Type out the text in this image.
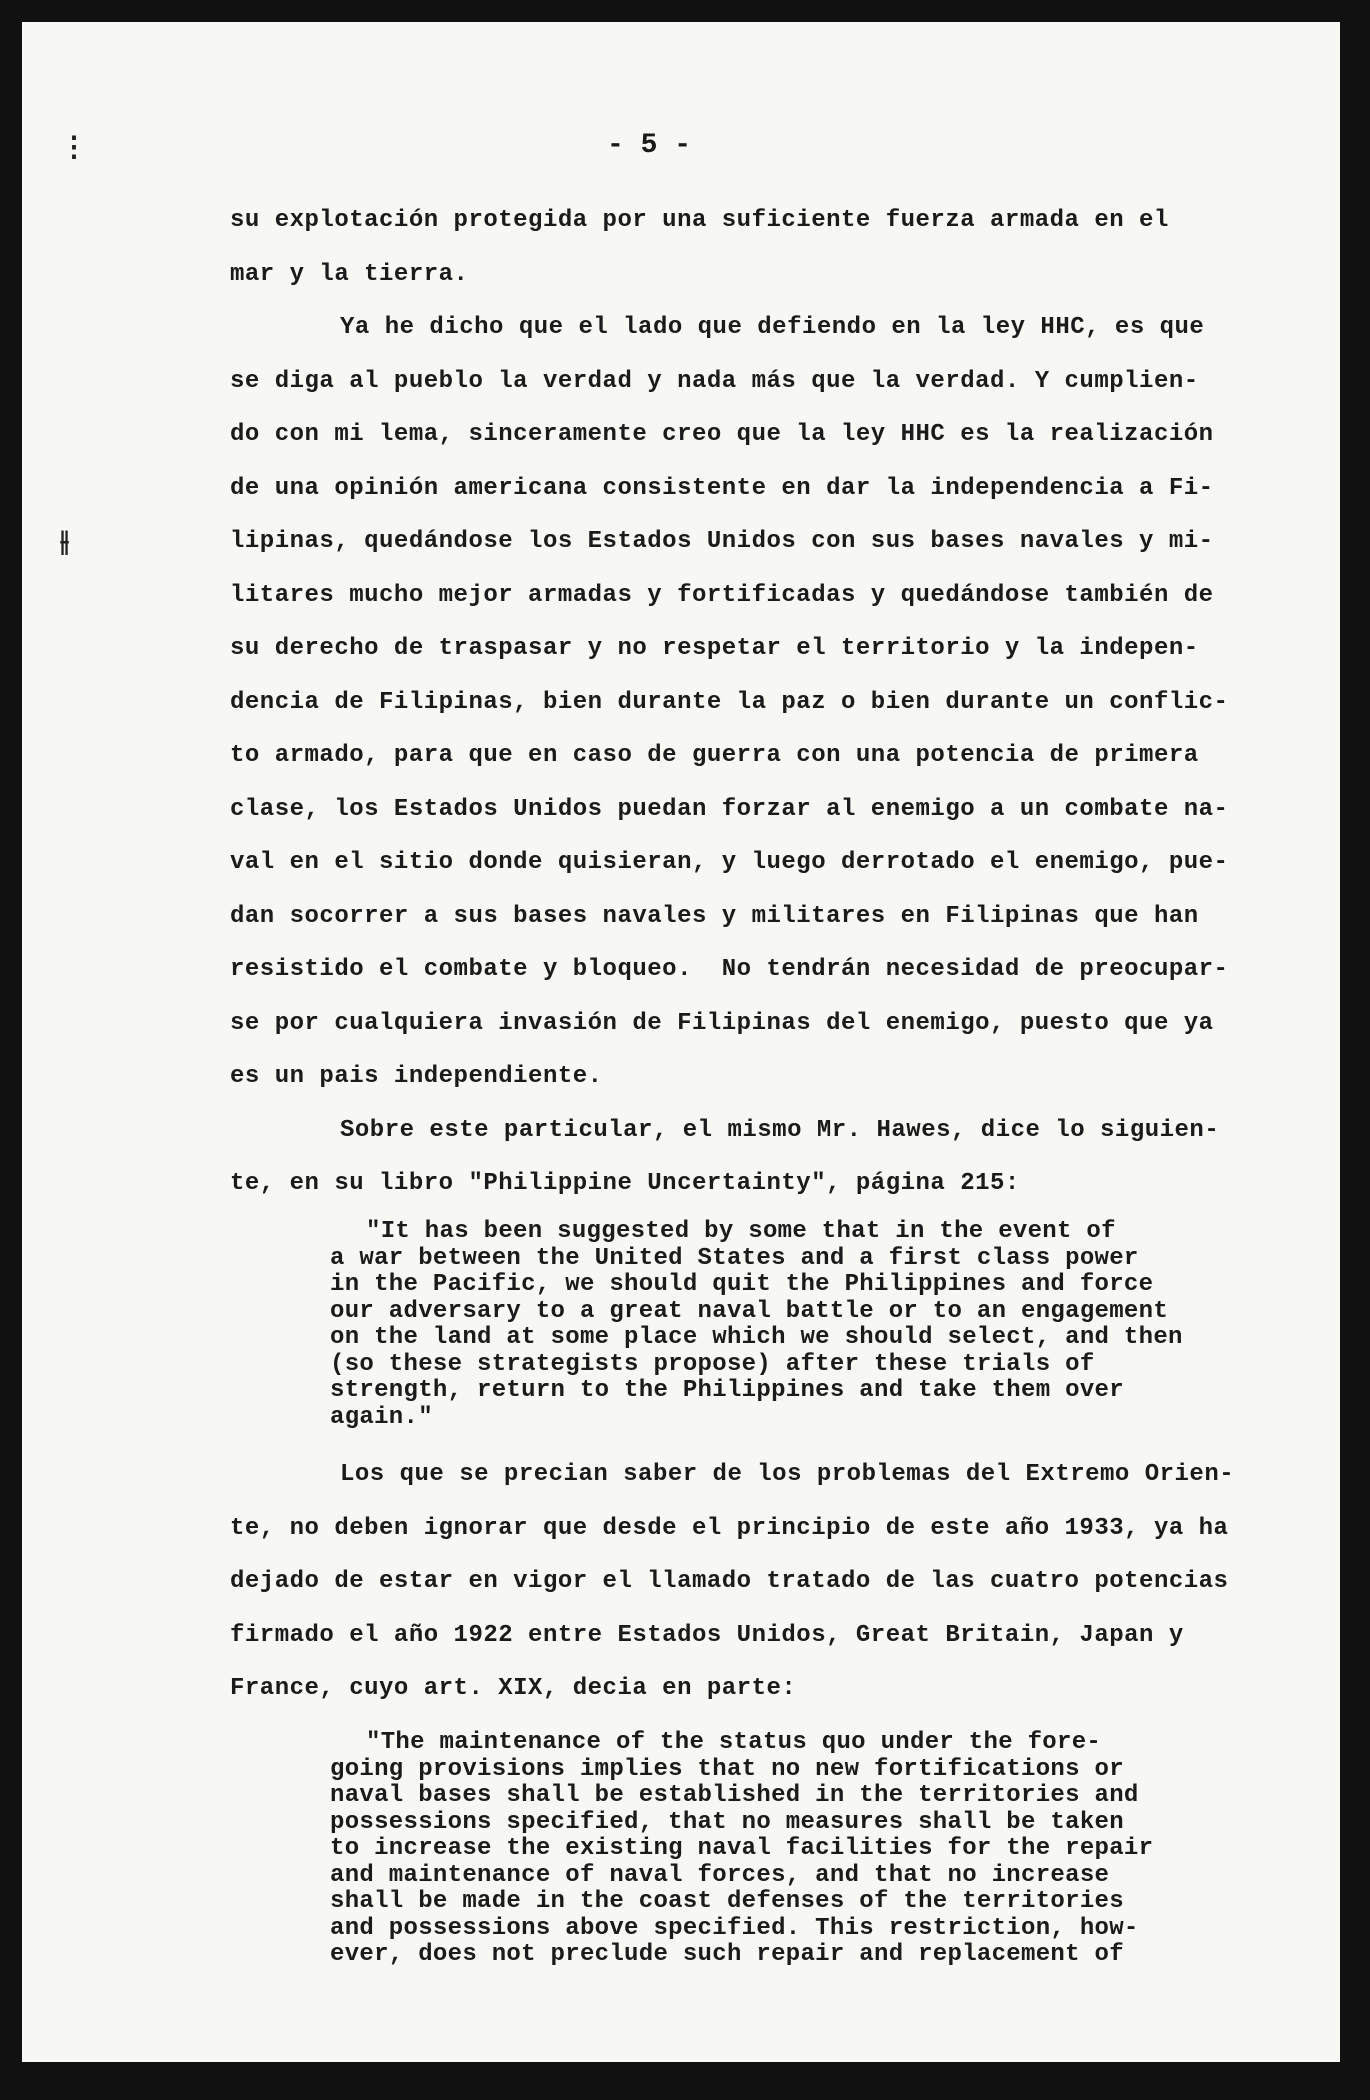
⋮
⫲
- 5 -
su explotación protegida por una suficiente fuerza armada en el
mar y la tierra.
Ya he dicho que el lado que defiendo en la ley HHC, es que
se diga al pueblo la verdad y nada más que la verdad. Y cumplien-
do con mi lema, sinceramente creo que la ley HHC es la realización
de una opinión americana consistente en dar la independencia a Fi-
lipinas, quedándose los Estados Unidos con sus bases navales y mi-
litares mucho mejor armadas y fortificadas y quedándose también de
su derecho de traspasar y no respetar el territorio y la indepen-
dencia de Filipinas, bien durante la paz o bien durante un conflic-
to armado, para que en caso de guerra con una potencia de primera
clase, los Estados Unidos puedan forzar al enemigo a un combate na-
val en el sitio donde quisieran, y luego derrotado el enemigo, pue-
dan socorrer a sus bases navales y militares en Filipinas que han
resistido el combate y bloqueo.  No tendrán necesidad de preocupar-
se por cualquiera invasión de Filipinas del enemigo, puesto que ya
es un pais independiente.
Sobre este particular, el mismo Mr. Hawes, dice lo siguien-
te, en su libro "Philippine Uncertainty", página 215:
"It has been suggested by some that in the event of
a war between the United States and a first class power
in the Pacific, we should quit the Philippines and force
our adversary to a great naval battle or to an engagement
on the land at some place which we should select, and then
(so these strategists propose) after these trials of
strength, return to the Philippines and take them over
again."
Los que se precian saber de los problemas del Extremo Orien-
te, no deben ignorar que desde el principio de este año 1933, ya ha
dejado de estar en vigor el llamado tratado de las cuatro potencias
firmado el año 1922 entre Estados Unidos, Great Britain, Japan y
France, cuyo art. XIX, decia en parte:
"The maintenance of the status quo under the fore-
going provisions implies that no new fortifications or
naval bases shall be established in the territories and
possessions specified, that no measures shall be taken
to increase the existing naval facilities for the repair
and maintenance of naval forces, and that no increase
shall be made in the coast defenses of the territories
and possessions above specified. This restriction, how-
ever, does not preclude such repair and replacement of
